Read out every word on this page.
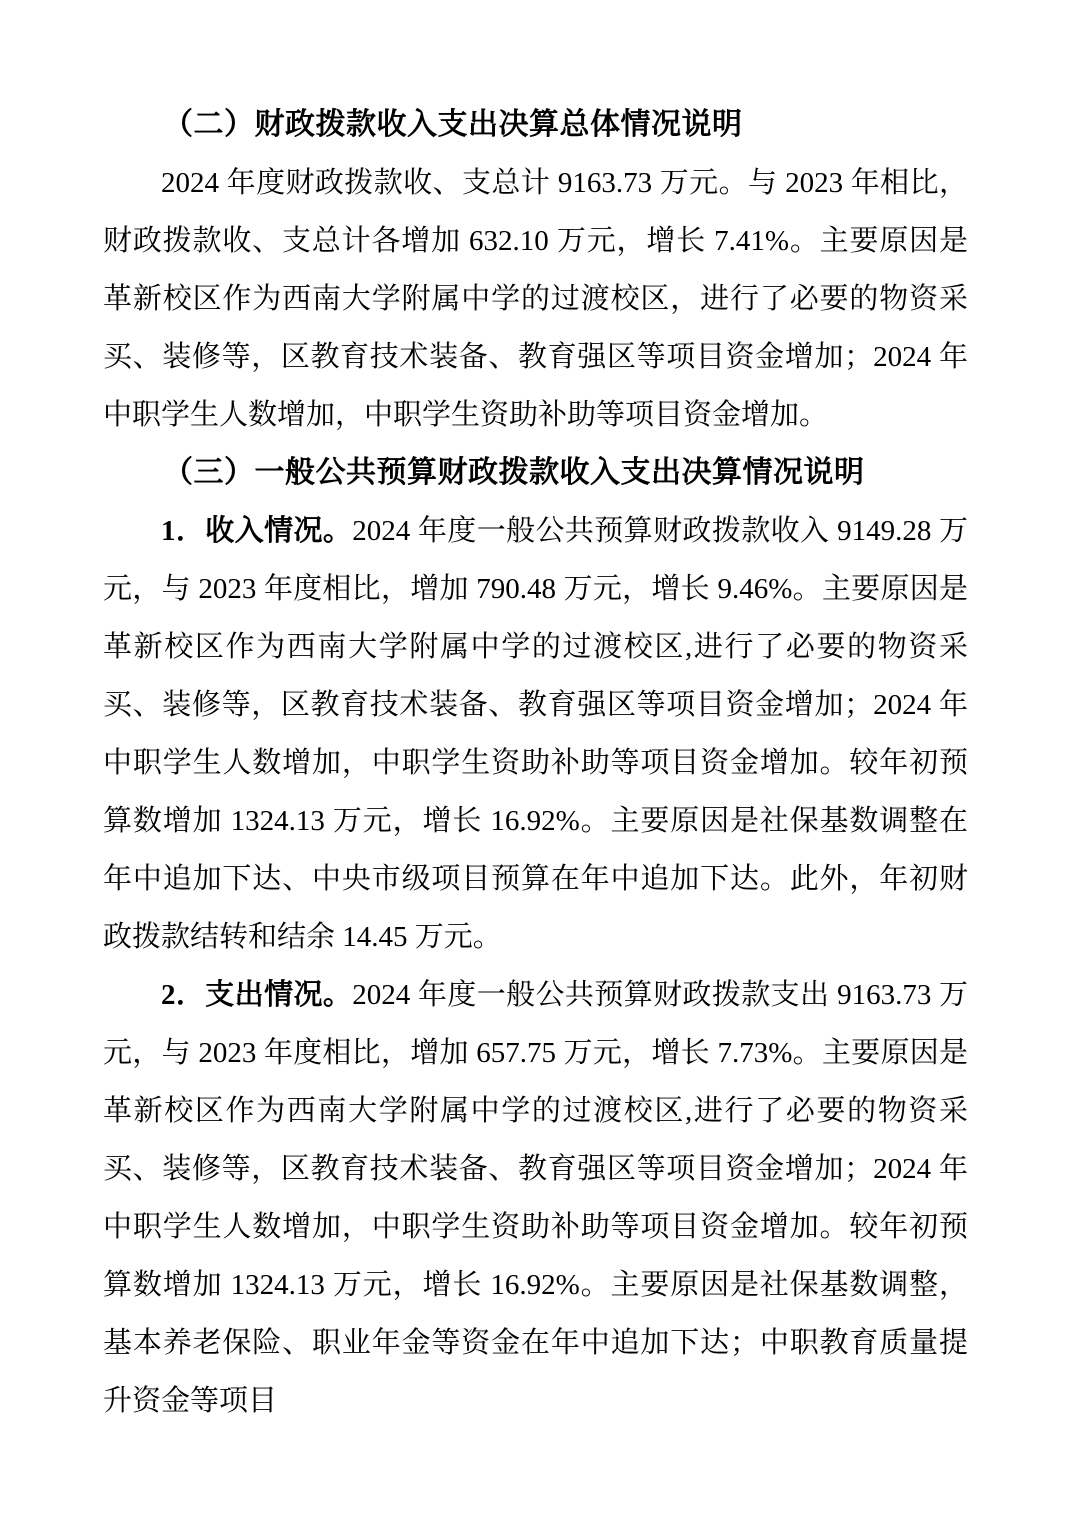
（二）财政拨款收入支出决算总体情况说明

2024 年度财政拨款收、支总计 9163.73 万元。与 2023 年相比，财政拨款收、支总计各增加 632.10 万元，增长 7.41%。主要原因是革新校区作为西南大学附属中学的过渡校区，进行了必要的物资采买、装修等，区教育技术装备、教育强区等项目资金增加；2024 年中职学生人数增加，中职学生资助补助等项目资金增加。

（三）一般公共预算财政拨款收入支出决算情况说明

1．收入情况。2024 年度一般公共预算财政拨款收入 9149.28 万元，与 2023 年度相比，增加 790.48 万元，增长 9.46%。主要原因是革新校区作为西南大学附属中学的过渡校区,进行了必要的物资采买、装修等，区教育技术装备、教育强区等项目资金增加；2024 年中职学生人数增加，中职学生资助补助等项目资金增加。较年初预算数增加 1324.13 万元，增长 16.92%。主要原因是社保基数调整在年中追加下达、中央市级项目预算在年中追加下达。此外，年初财政拨款结转和结余 14.45 万元。

2．支出情况。2024 年度一般公共预算财政拨款支出 9163.73 万元，与 2023 年度相比，增加 657.75 万元，增长 7.73%。主要原因是革新校区作为西南大学附属中学的过渡校区,进行了必要的物资采买、装修等，区教育技术装备、教育强区等项目资金增加；2024 年中职学生人数增加，中职学生资助补助等项目资金增加。较年初预算数增加 1324.13 万元，增长 16.92%。主要原因是社保基数调整，基本养老保险、职业年金等资金在年中追加下达；中职教育质量提升资金等项目
